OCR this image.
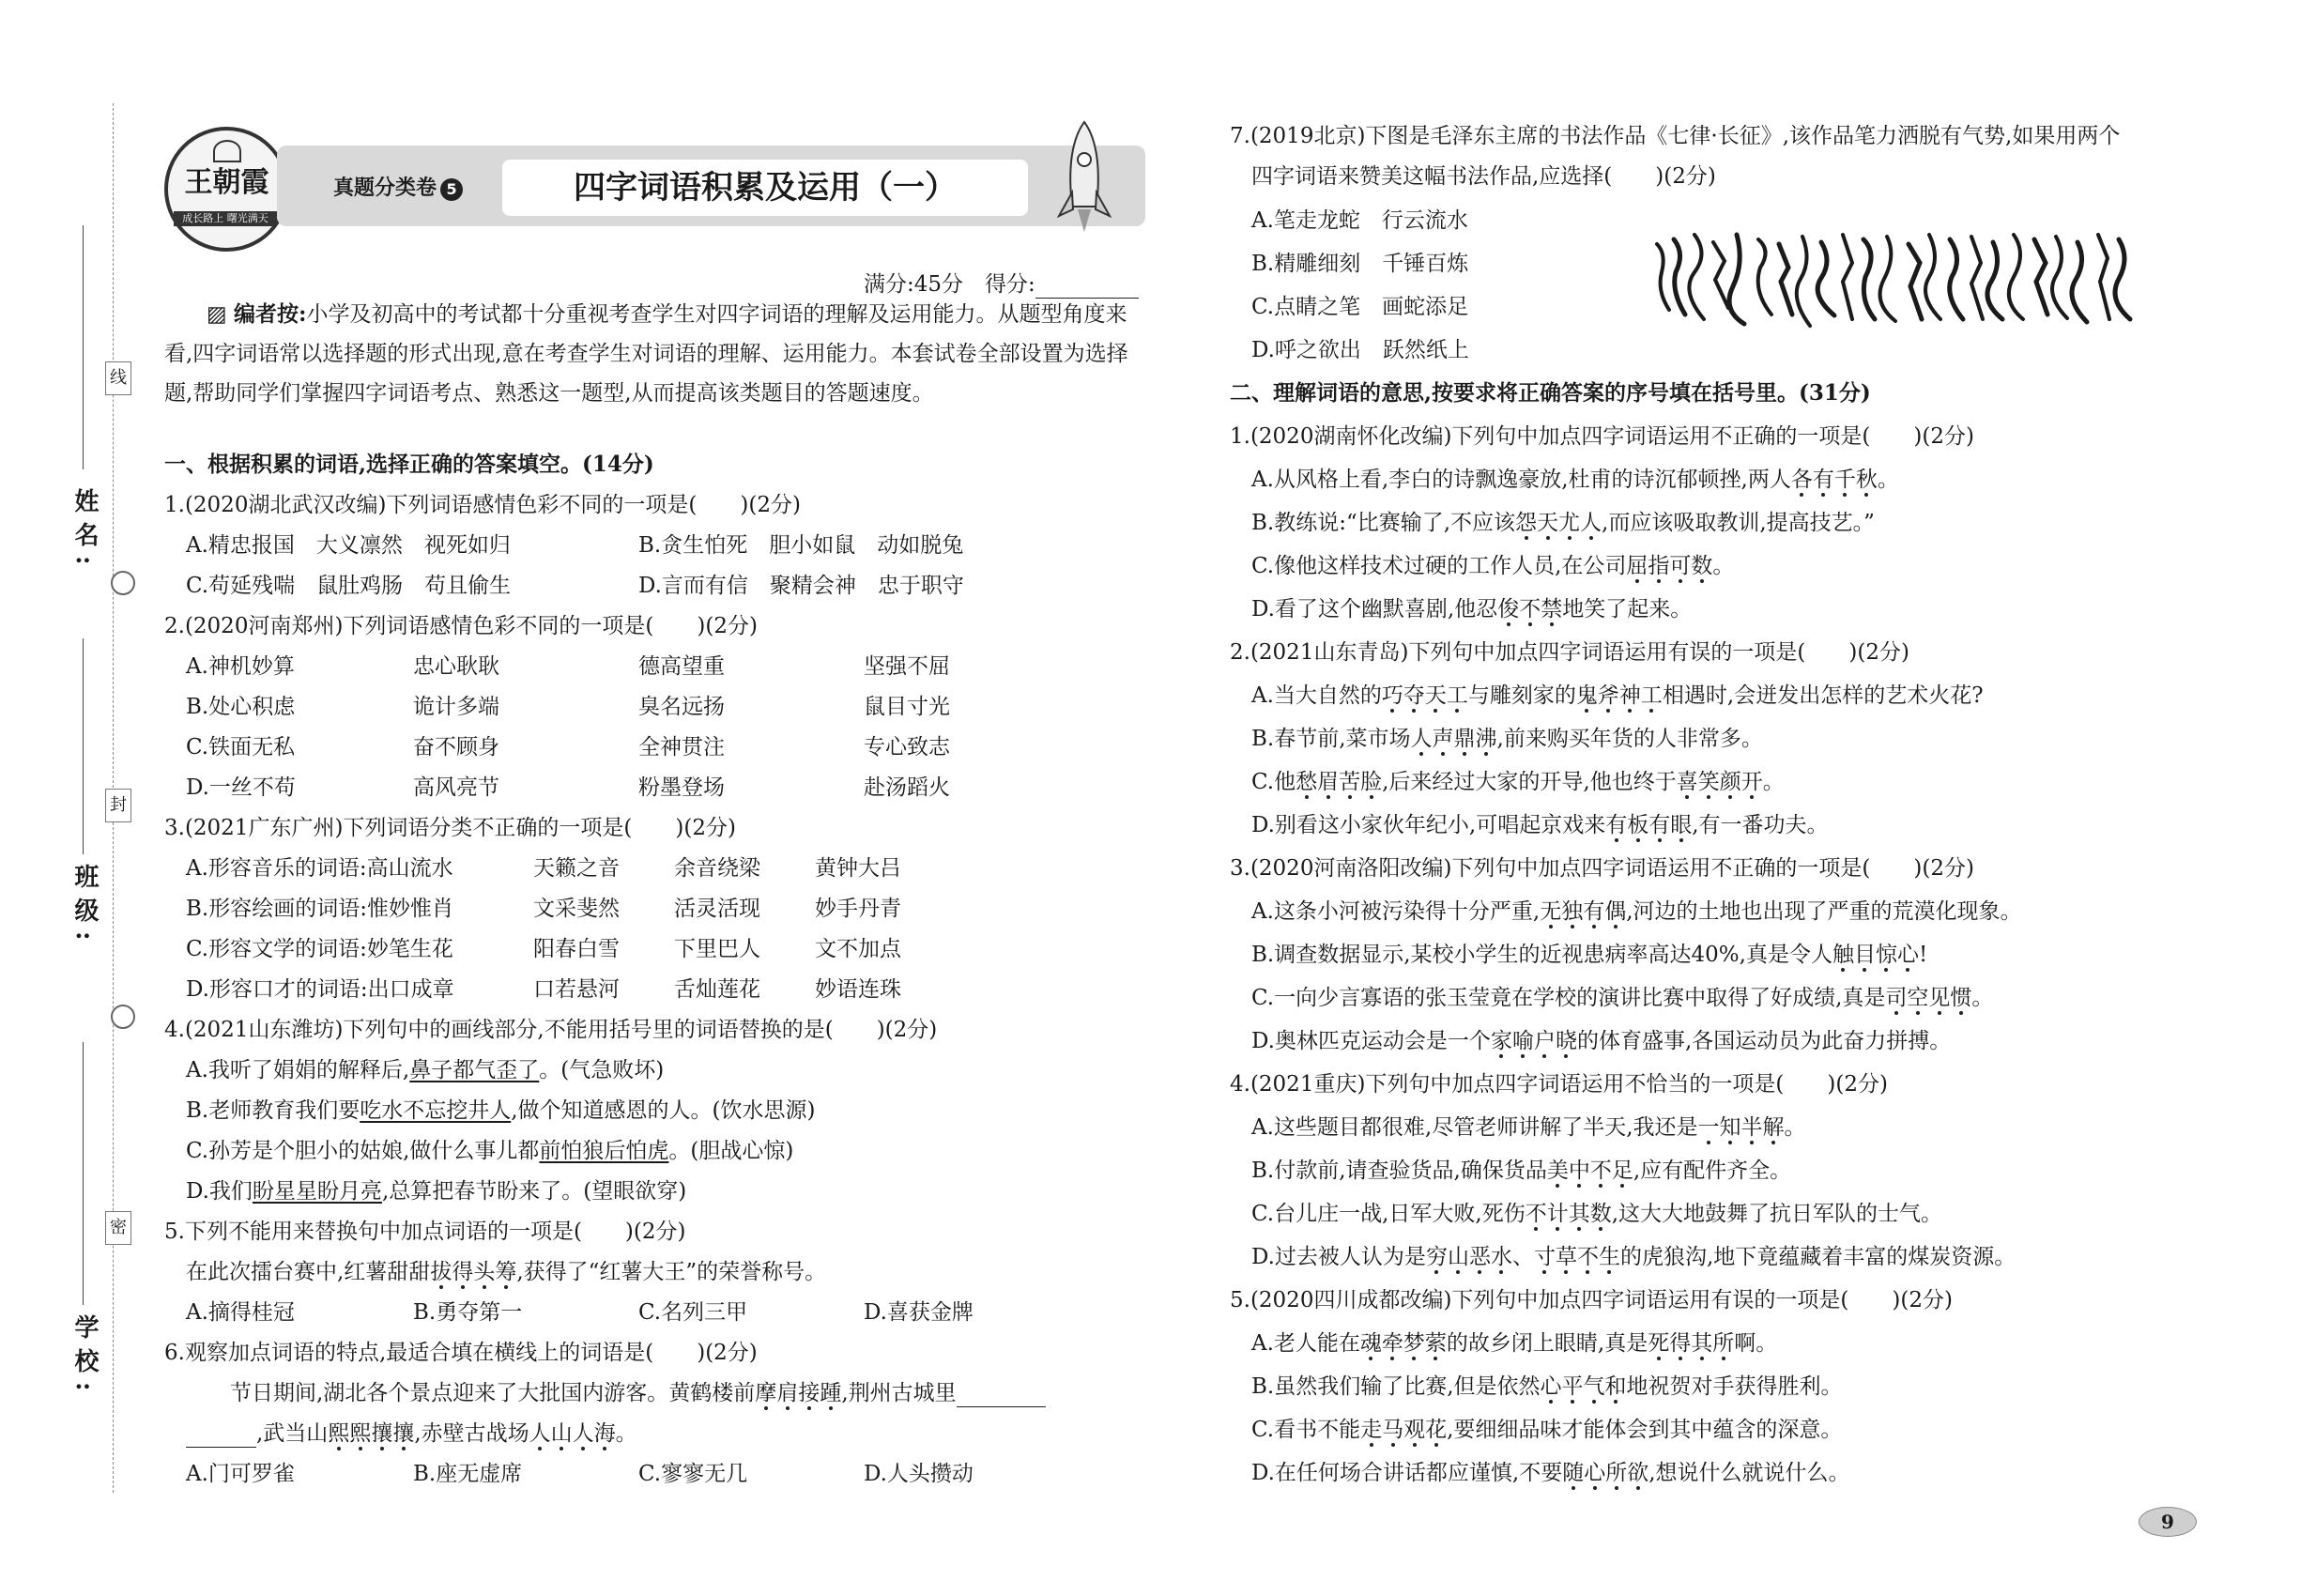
线
封
密
姓名:
班级:
学校:
王朝霞
成长路上 曙光满天
真题分类卷 5	四字词语积累及运用（一）
满分:45分　得分:
▨ 编者按:小学及初高中的考试都十分重视考查学生对四字词语的理解及运用能力。从题型角度来
看,四字词语常以选择题的形式出现,意在考查学生对词语的理解、运用能力。本套试卷全部设置为选择
题,帮助同学们掌握四字词语考点、熟悉这一题型,从而提高该类题目的答题速度。
一、根据积累的词语,选择正确的答案填空。(14分)
1.(2020湖北武汉改编)下列词语感情色彩不同的一项是(　　)(2分)
A.精忠报国　大义凛然　视死如归	B.贪生怕死　胆小如鼠　动如脱兔
C.苟延残喘　鼠肚鸡肠　苟且偷生	D.言而有信　聚精会神　忠于职守
2.(2020河南郑州)下列词语感情色彩不同的一项是(　　)(2分)
A.神机妙算	忠心耿耿	德高望重	坚强不屈
B.处心积虑	诡计多端	臭名远扬	鼠目寸光
C.铁面无私	奋不顾身	全神贯注	专心致志
D.一丝不苟	高风亮节	粉墨登场	赴汤蹈火
3.(2021广东广州)下列词语分类不正确的一项是(　　)(2分)
A.形容音乐的词语:高山流水	天籁之音	余音绕梁	黄钟大吕
B.形容绘画的词语:惟妙惟肖	文采斐然	活灵活现	妙手丹青
C.形容文学的词语:妙笔生花	阳春白雪	下里巴人	文不加点
D.形容口才的词语:出口成章	口若悬河	舌灿莲花	妙语连珠
4.(2021山东潍坊)下列句中的画线部分,不能用括号里的词语替换的是(　　)(2分)
A.我听了娟娟的解释后,鼻子都气歪了。(气急败坏)
B.老师教育我们要吃水不忘挖井人,做个知道感恩的人。(饮水思源)
C.孙芳是个胆小的姑娘,做什么事儿都前怕狼后怕虎。(胆战心惊)
D.我们盼星星盼月亮,总算把春节盼来了。(望眼欲穿)
5.下列不能用来替换句中加点词语的一项是(　　)(2分)
在此次擂台赛中,红薯甜甜拔得头筹,获得了“红薯大王”的荣誉称号。
A.摘得桂冠	B.勇夺第一	C.名列三甲	D.喜获金牌
6.观察加点词语的特点,最适合填在横线上的词语是(　　)(2分)
节日期间,湖北各个景点迎来了大批国内游客。黄鹤楼前摩肩接踵,荆州古城里
,武当山熙熙攘攘,赤壁古战场人山人海。
A.门可罗雀	B.座无虚席	C.寥寥无几	D.人头攒动
7.(2019北京)下图是毛泽东主席的书法作品《七律·长征》,该作品笔力洒脱有气势,如果用两个
四字词语来赞美这幅书法作品,应选择(　　)(2分)
A.笔走龙蛇　行云流水
B.精雕细刻　千锤百炼
C.点睛之笔　画蛇添足
D.呼之欲出　跃然纸上
二、理解词语的意思,按要求将正确答案的序号填在括号里。(31分)
1.(2020湖南怀化改编)下列句中加点四字词语运用不正确的一项是(　　)(2分)
A.从风格上看,李白的诗飘逸豪放,杜甫的诗沉郁顿挫,两人各有千秋。
B.教练说:“比赛输了,不应该怨天尤人,而应该吸取教训,提高技艺。”
C.像他这样技术过硬的工作人员,在公司屈指可数。
D.看了这个幽默喜剧,他忍俊不禁地笑了起来。
2.(2021山东青岛)下列句中加点四字词语运用有误的一项是(　　)(2分)
A.当大自然的巧夺天工与雕刻家的鬼斧神工相遇时,会迸发出怎样的艺术火花?
B.春节前,菜市场人声鼎沸,前来购买年货的人非常多。
C.他愁眉苦脸,后来经过大家的开导,他也终于喜笑颜开。
D.别看这小家伙年纪小,可唱起京戏来有板有眼,有一番功夫。
3.(2020河南洛阳改编)下列句中加点四字词语运用不正确的一项是(　　)(2分)
A.这条小河被污染得十分严重,无独有偶,河边的土地也出现了严重的荒漠化现象。
B.调查数据显示,某校小学生的近视患病率高达40%,真是令人触目惊心!
C.一向少言寡语的张玉莹竟在学校的演讲比赛中取得了好成绩,真是司空见惯。
D.奥林匹克运动会是一个家喻户晓的体育盛事,各国运动员为此奋力拼搏。
4.(2021重庆)下列句中加点四字词语运用不恰当的一项是(　　)(2分)
A.这些题目都很难,尽管老师讲解了半天,我还是一知半解。
B.付款前,请查验货品,确保货品美中不足,应有配件齐全。
C.台儿庄一战,日军大败,死伤不计其数,这大大地鼓舞了抗日军队的士气。
D.过去被人认为是穷山恶水、寸草不生的虎狼沟,地下竟蕴藏着丰富的煤炭资源。
5.(2020四川成都改编)下列句中加点四字词语运用有误的一项是(　　)(2分)
A.老人能在魂牵梦萦的故乡闭上眼睛,真是死得其所啊。
B.虽然我们输了比赛,但是依然心平气和地祝贺对手获得胜利。
C.看书不能走马观花,要细细品味才能体会到其中蕴含的深意。
D.在任何场合讲话都应谨慎,不要随心所欲,想说什么就说什么。
9
